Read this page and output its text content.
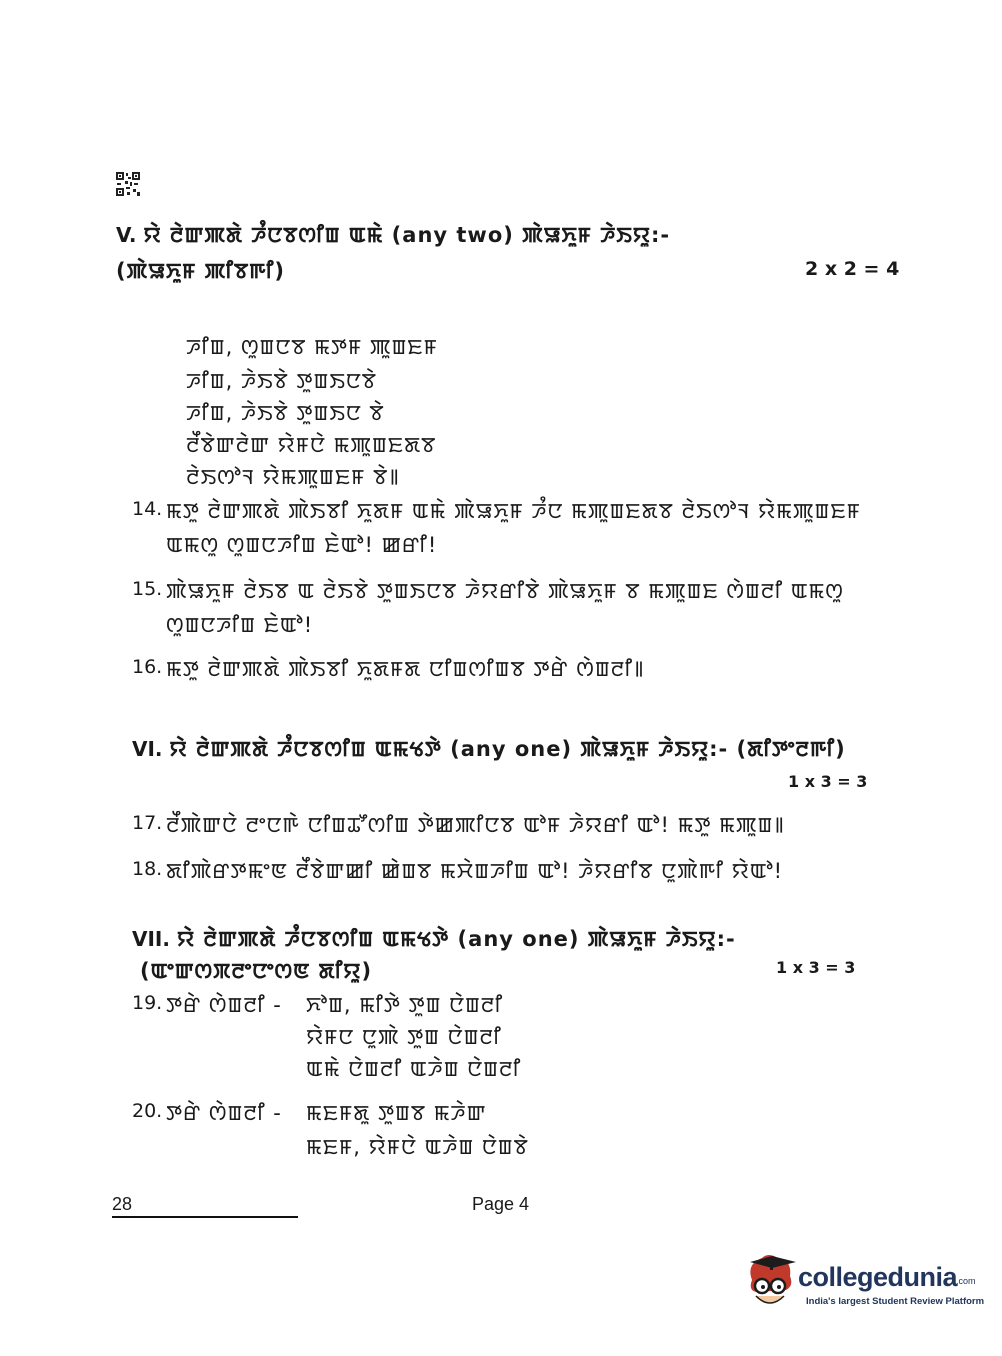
V. ꯌꯥ ꯂꯥꯛꯄꯗꯥ ꯍꯪꯅꯕꯁꯤꯡ ꯑꯃꯥ (any two) ꯄꯥꯎꯈꯨꯝ ꯍꯥꯏꯌꯨ:-
(ꯄꯥꯎꯈꯨꯝ ꯄꯤꯕꯒꯤ)	2 x 2 = 4
ꯍꯤꯡ, ꯁꯨꯡꯅꯕ ꯃꯇꯝ ꯄꯨꯡꯐꯝ
ꯍꯤꯡ, ꯍꯥꯏꯕꯥ ꯇꯨꯡꯏꯅꯕꯥ
ꯍꯤꯡ, ꯍꯥꯏꯕꯥ ꯇꯨꯡꯏꯅ ꯕꯥ
ꯂꯩꯕꯥꯛꯂꯥꯛ ꯌꯥꯝꯅꯥ ꯃꯄꯨꯡꯐꯗꯕ
ꯂꯥꯏꯁꯣꯜ ꯌꯥꯃꯄꯨꯡꯐꯝ ꯕꯥ꯫
14. ꯃꯇꯨ ꯂꯥꯛꯄꯗꯥ ꯄꯥꯏꯕꯤ ꯈꯨꯗꯝ ꯑꯃꯥ ꯄꯥꯎꯈꯨꯝ ꯍꯪꯅ ꯃꯄꯨꯡꯐꯗꯕ ꯂꯥꯏꯁꯣꯜ ꯌꯥꯃꯄꯨꯡꯐꯝ
ꯑꯃꯁꯨ ꯁꯨꯡꯅꯍꯤꯡ ꯐꯥꯑꯣ! ꯀꯔꯤ!
15. ꯄꯥꯎꯈꯨꯝ ꯂꯥꯏꯕ ꯑ ꯂꯥꯏꯕꯥ ꯇꯨꯡꯏꯅꯕ ꯍꯥꯌꯔꯤꯕꯥ ꯄꯥꯎꯈꯨꯝ ꯕ ꯃꯄꯨꯡꯐ ꯁꯥꯡꯂꯤ ꯑꯃꯁꯨ
ꯁꯨꯡꯅꯍꯤꯡ ꯐꯥꯑꯣ!
16. ꯃꯇꯨ ꯂꯥꯛꯄꯗꯥ ꯄꯥꯏꯕꯤ ꯈꯨꯗꯝꯗ ꯅꯤꯡꯁꯤꯡꯕ ꯇꯔꯥ ꯁꯥꯡꯂꯤ꯫
VI. ꯌꯥ ꯂꯥꯛꯄꯗꯥ ꯍꯪꯅꯕꯁꯤꯡ ꯑꯃꯠꯇꯥ (any one) ꯄꯥꯎꯈꯨꯝ ꯍꯥꯏꯌꯨ:- (ꯗꯤꯇꯦꯂꯒꯤ)
1 x 3 = 3
17. ꯂꯩꯄꯥꯛꯅꯥ ꯂꯦꯅꯒꯥ ꯅꯤꯡꯊꯧꯁꯤꯡ ꯇꯥꯀꯄꯤꯅꯕ ꯑꯣꯝ ꯍꯥꯌꯔꯤ ꯑꯣ! ꯃꯇꯨ ꯃꯄꯨꯡ꯫
18. ꯗꯤꯄꯥꯔꯇꯃꯦꯟ ꯂꯩꯕꯥꯛꯀꯤ ꯀꯥꯡꯕ ꯃꯆꯥꯡꯍꯤꯡ ꯑꯣ! ꯍꯥꯌꯔꯤꯕ ꯅꯨꯄꯥꯒꯤ ꯌꯥꯑꯣ!
VII. ꯌꯥ ꯂꯥꯛꯄꯗꯥ ꯍꯪꯅꯕꯁꯤꯡ ꯑꯃꯠꯇꯥ (any one) ꯄꯥꯎꯈꯨꯝ ꯍꯥꯏꯌꯨ:-
(ꯑꯦꯛꯁꯞꯂꯦꯅꯦꯁꯟ ꯗꯤꯌꯨ)	1 x 3 = 3
19. ꯇꯔꯥ ꯁꯥꯡꯂꯤ - ꯈꯣꯡ, ꯃꯤꯇꯥ ꯇꯨꯡ ꯅꯥꯡꯂꯤ
ꯌꯥꯝꯅ ꯅꯨꯄꯥ ꯇꯨꯡ ꯅꯥꯡꯂꯤ
ꯑꯃꯥ ꯅꯥꯡꯂꯤ ꯑꯍꯥꯡ ꯅꯥꯡꯂꯤ
20. ꯇꯔꯥ ꯁꯥꯡꯂꯤ - ꯃꯐꯝꯗꯨ ꯇꯨꯡꯕ ꯃꯍꯥꯛ
ꯃꯐꯝ, ꯌꯥꯝꯅꯥ ꯑꯍꯥꯡ ꯅꯥꯡꯕꯥ
28	Page 4
collegedunia
.com
India's largest Student Review Platform
